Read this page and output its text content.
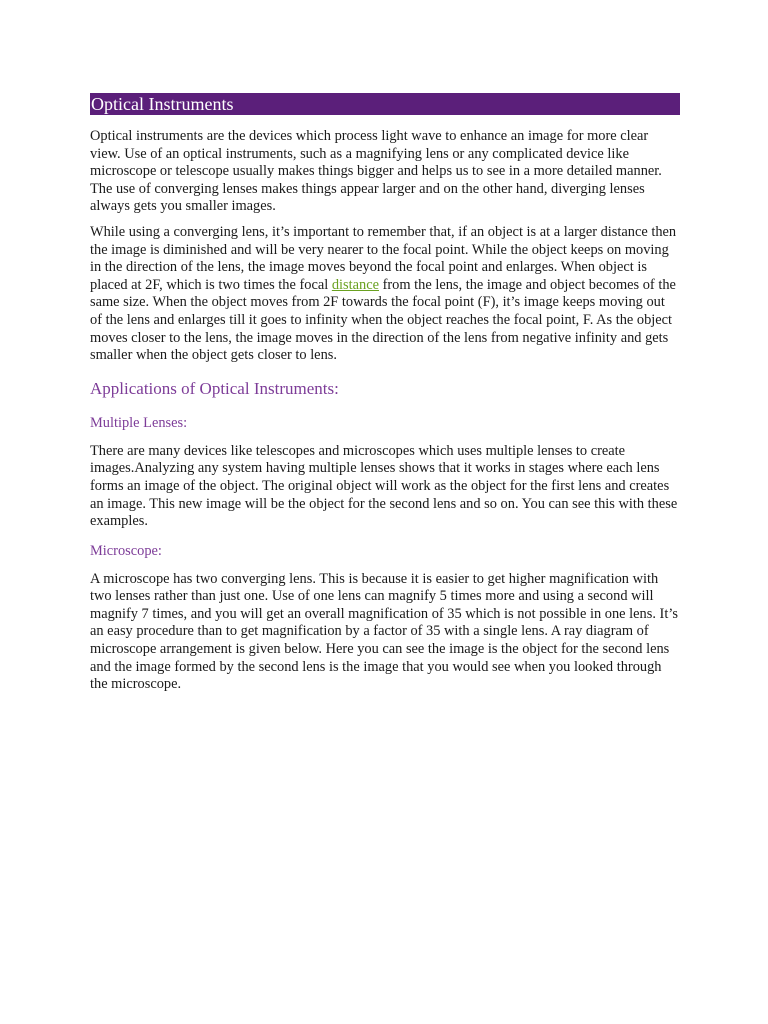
Optical Instruments

Optical instruments are the devices which process light wave to enhance an image for more clear view. Use of an optical instruments, such as a magnifying lens or any complicated device like microscope or telescope usually makes things bigger and helps us to see in a more detailed manner. The use of converging lenses makes things appear larger and on the other hand, diverging lenses always gets you smaller images.

While using a converging lens, it’s important to remember that, if an object is at a larger distance then the image is diminished and will be very nearer to the focal point. While the object keeps on moving in the direction of the lens, the image moves beyond the focal point and enlarges. When object is placed at 2F, which is two times the focal distance from the lens, the image and object becomes of the same size. When the object moves from 2F towards the focal point (F), it’s image keeps moving out of the lens and enlarges till it goes to infinity when the object reaches the focal point, F. As the object moves closer to the lens, the image moves in the direction of the lens from negative infinity and gets smaller when the object gets closer to lens.

Applications of Optical Instruments:
Multiple Lenses:

There are many devices like telescopes and microscopes which uses multiple lenses to create images.Analyzing any system having multiple lenses shows that it works in stages where each lens forms an image of the object. The original object will work as the object for the first lens and creates an image. This new image will be the object for the second lens and so on. You can see this with these examples.

Microscope:

A microscope has two converging lens. This is because it is easier to get higher magnification with two lenses rather than just one. Use of one lens can magnify 5 times more and using a second will magnify 7 times, and you will get an overall magnification of 35 which is not possible in one lens. It’s an easy procedure than to get magnification by a factor of 35 with a single lens. A ray diagram of microscope arrangement is given below. Here you can see the image is the object for the second lens and the image formed by the second lens is the image that you would see when you looked through the microscope.
